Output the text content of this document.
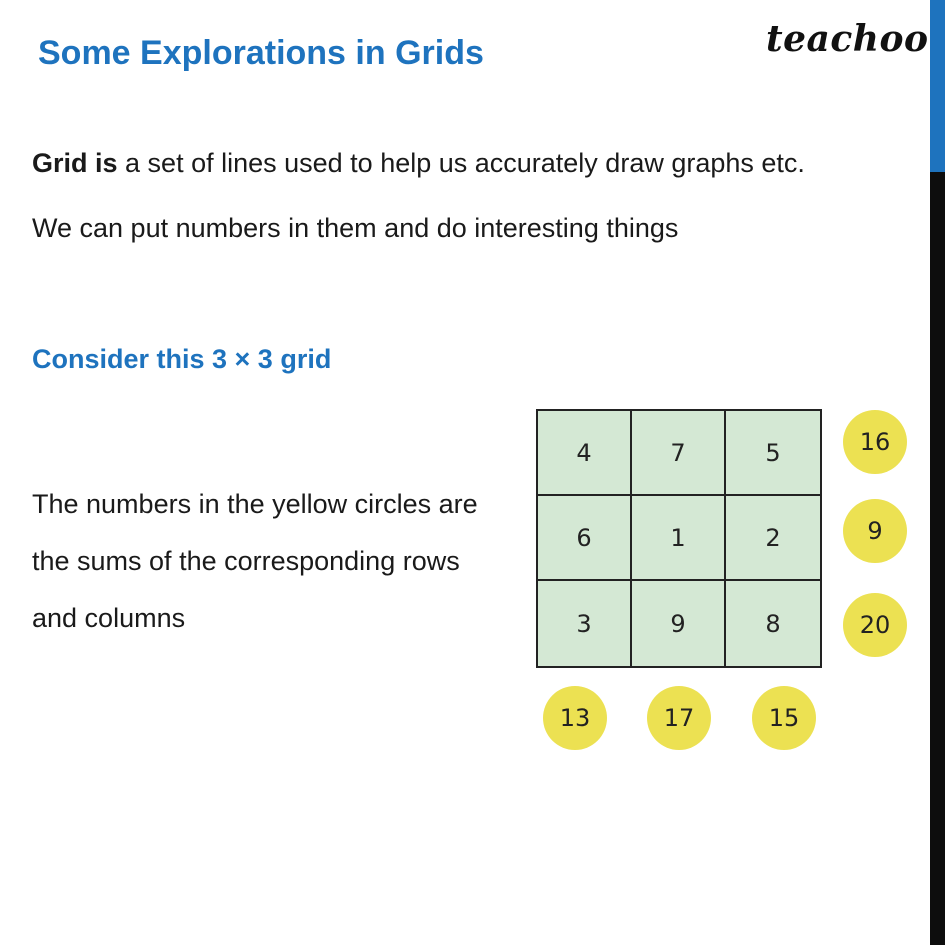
Some Explorations in Grids	teachoo
Grid is a set of lines used to help us accurately draw graphs etc.
We can put numbers in them and do interesting things
Consider this 3 × 3 grid
The numbers in the yellow circles are the sums of the corresponding rows and columns
4	7	5
6	1	2
3	9	8
16
9
20
13	17	15
